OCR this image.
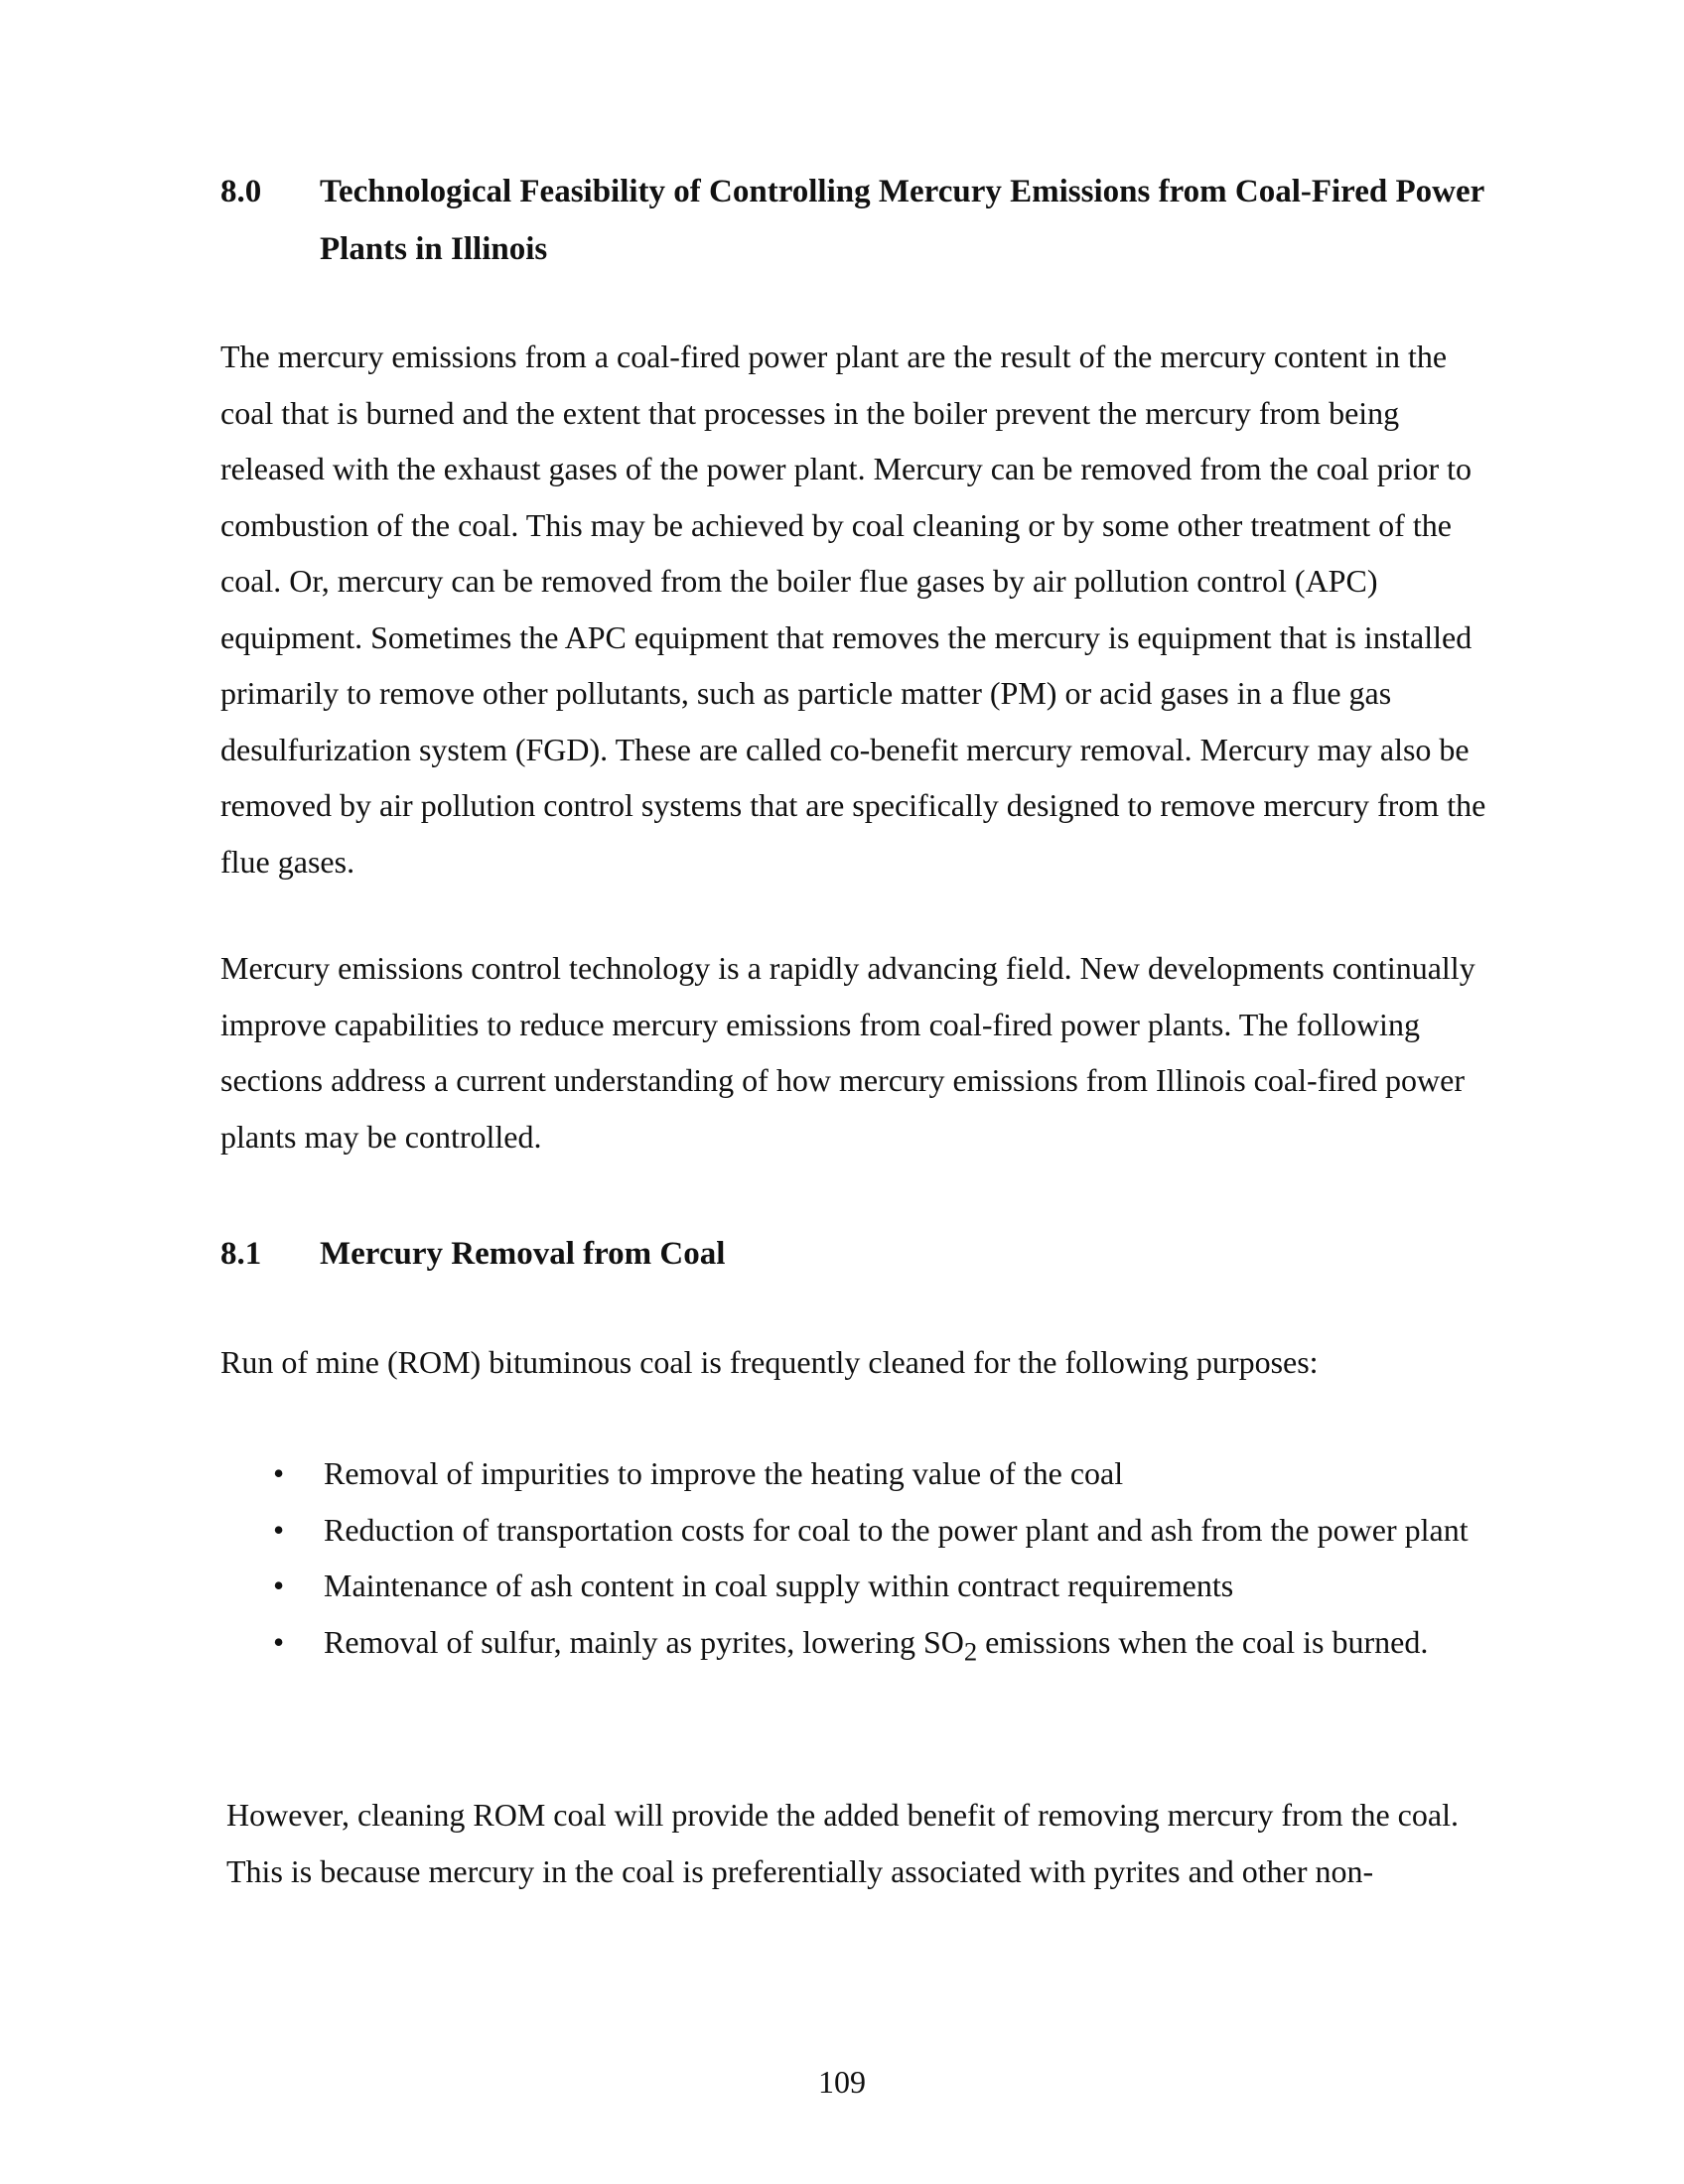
8.0 Technological Feasibility of Controlling Mercury Emissions from Coal-Fired Power Plants in Illinois

The mercury emissions from a coal-fired power plant are the result of the mercury content in the coal that is burned and the extent that processes in the boiler prevent the mercury from being released with the exhaust gases of the power plant. Mercury can be removed from the coal prior to combustion of the coal. This may be achieved by coal cleaning or by some other treatment of the coal. Or, mercury can be removed from the boiler flue gases by air pollution control (APC) equipment. Sometimes the APC equipment that removes the mercury is equipment that is installed primarily to remove other pollutants, such as particle matter (PM) or acid gases in a flue gas desulfurization system (FGD). These are called co-benefit mercury removal. Mercury may also be removed by air pollution control systems that are specifically designed to remove mercury from the flue gases.

Mercury emissions control technology is a rapidly advancing field. New developments continually improve capabilities to reduce mercury emissions from coal-fired power plants. The following sections address a current understanding of how mercury emissions from Illinois coal-fired power plants may be controlled.

8.1 Mercury Removal from Coal

Run of mine (ROM) bituminous coal is frequently cleaned for the following purposes:

• Removal of impurities to improve the heating value of the coal
• Reduction of transportation costs for coal to the power plant and ash from the power plant
• Maintenance of ash content in coal supply within contract requirements
• Removal of sulfur, mainly as pyrites, lowering $SO_2$ emissions when the coal is burned.

However, cleaning ROM coal will provide the added benefit of removing mercury from the coal. This is because mercury in the coal is preferentially associated with pyrites and other non-

109
